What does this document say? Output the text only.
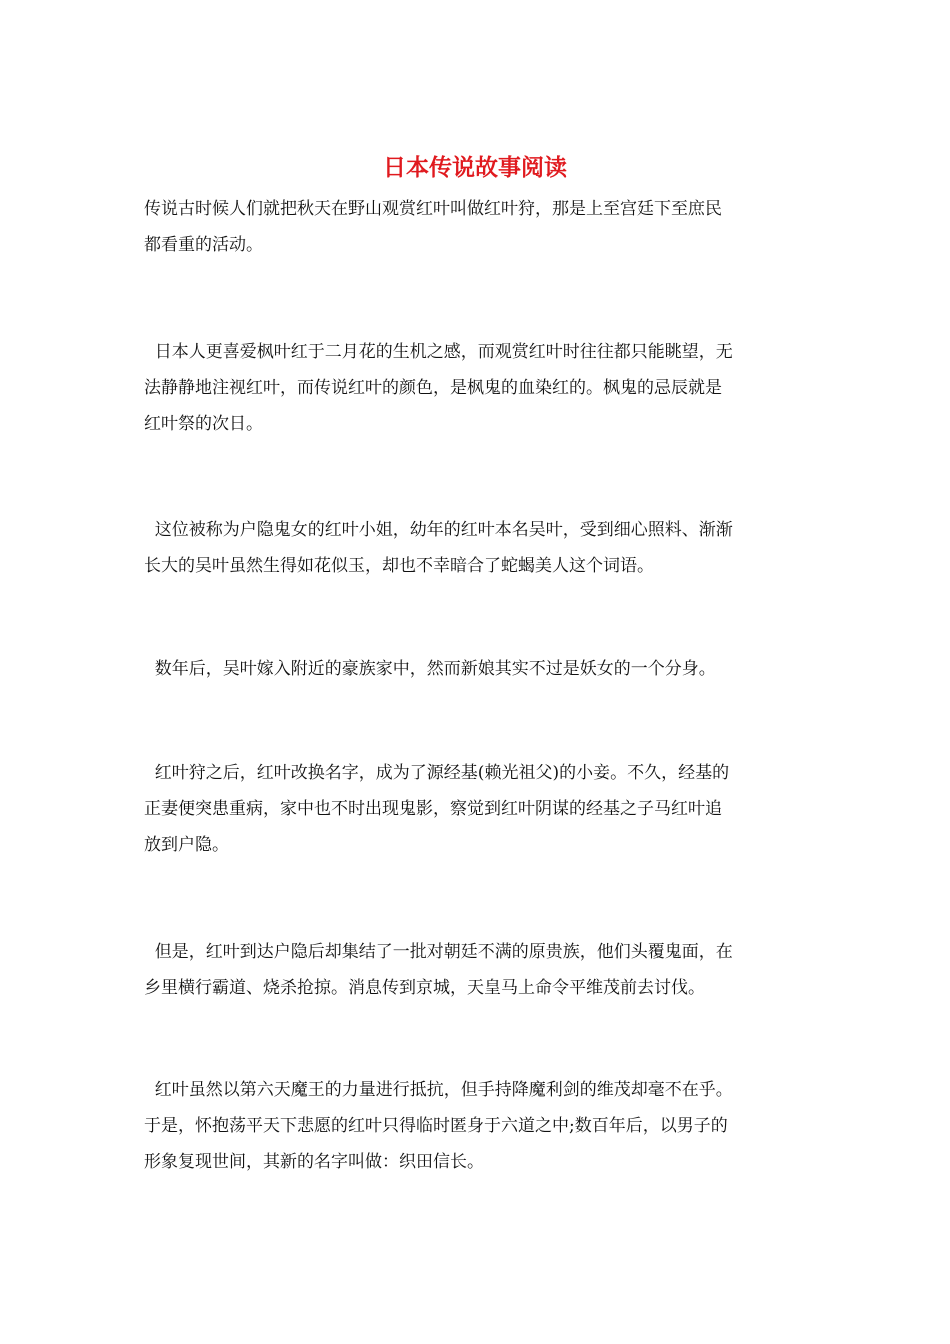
日本传说故事阅读
传说古时候人们就把秋天在野山观赏红叶叫做红叶狩，那是上至宫廷下至庶民
都看重的活动。
日本人更喜爱枫叶红于二月花的生机之感，而观赏红叶时往往都只能眺望，无
法静静地注视红叶，而传说红叶的颜色，是枫鬼的血染红的。枫鬼的忌辰就是
红叶祭的次日。
这位被称为户隐鬼女的红叶小姐，幼年的红叶本名吴叶，受到细心照料、渐渐
长大的吴叶虽然生得如花似玉，却也不幸暗合了蛇蝎美人这个词语。
数年后，吴叶嫁入附近的豪族家中，然而新娘其实不过是妖女的一个分身。
红叶狩之后，红叶改换名字，成为了源经基(赖光祖父)的小妾。不久，经基的
正妻便突患重病，家中也不时出现鬼影，察觉到红叶阴谋的经基之子马红叶追
放到户隐。
但是，红叶到达户隐后却集结了一批对朝廷不满的原贵族，他们头覆鬼面，在
乡里横行霸道、烧杀抢掠。消息传到京城，天皇马上命令平维茂前去讨伐。
红叶虽然以第六天魔王的力量进行抵抗，但手持降魔利剑的维茂却毫不在乎。
于是，怀抱荡平天下悲愿的红叶只得临时匿身于六道之中;数百年后，以男子的
形象复现世间，其新的名字叫做：织田信长。
